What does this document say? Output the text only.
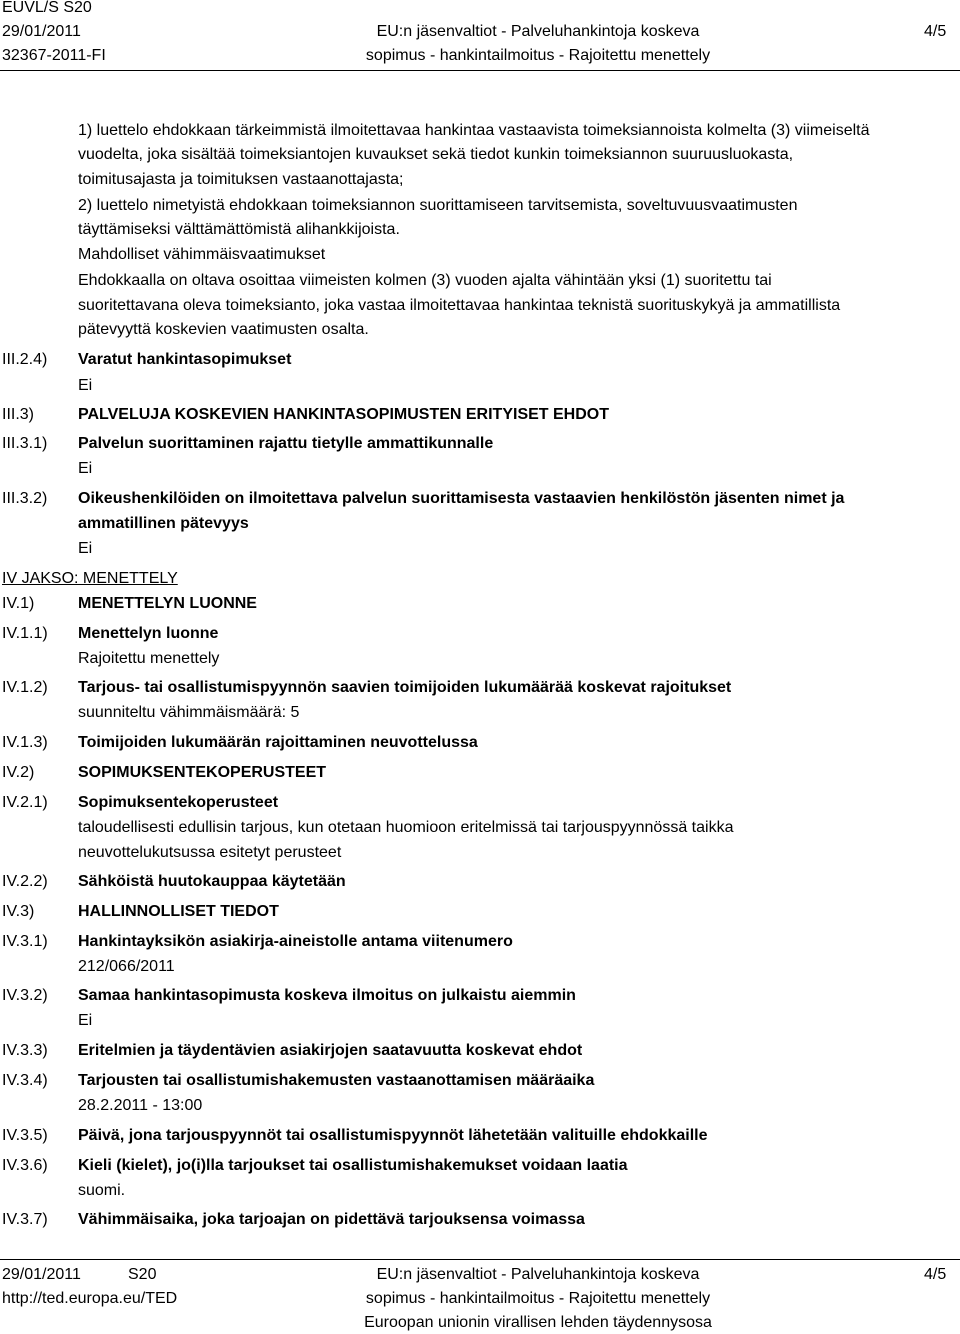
EUVL/S S20
29/01/2011
32367-2011-FI
EU:n jäsenvaltiot - Palveluhankintoja koskeva
sopimus - hankintailmoitus - Rajoitettu menettely
4/5
1) luettelo ehdokkaan tärkeimmistä ilmoitettavaa hankintaa vastaavista toimeksiannoista kolmelta (3) viimeiseltä
vuodelta, joka sisältää toimeksiantojen kuvaukset sekä tiedot kunkin toimeksiannon suuruusluokasta,
toimitusajasta ja toimituksen vastaanottajasta;
2) luettelo nimetyistä ehdokkaan toimeksiannon suorittamiseen tarvitsemista, soveltuvuusvaatimusten
täyttämiseksi välttämättömistä alihankkijoista.
Mahdolliset vähimmäisvaatimukset
Ehdokkaalla on oltava osoittaa viimeisten kolmen (3) vuoden ajalta vähintään yksi (1) suoritettu tai
suoritettavana oleva toimeksianto, joka vastaa ilmoitettavaa hankintaa teknistä suorituskykyä ja ammatillista
pätevyyttä koskevien vaatimusten osalta.
III.2.4) Varatut hankintasopimukset
Ei
III.3)	PALVELUJA KOSKEVIEN HANKINTASOPIMUSTEN ERITYISET EHDOT
III.3.1) Palvelun suorittaminen rajattu tietylle ammattikunnalle
Ei
III.3.2) Oikeushenkilöiden on ilmoitettava palvelun suorittamisesta vastaavien henkilöstön jäsenten nimet ja
ammatillinen pätevyys
Ei
IV JAKSO: MENETTELY
IV.1)	MENETTELYN LUONNE
IV.1.1) Menettelyn luonne
Rajoitettu menettely
IV.1.2) Tarjous- tai osallistumispyynnön saavien toimijoiden lukumäärää koskevat rajoitukset
suunniteltu vähimmäismäärä: 5
IV.1.3) Toimijoiden lukumäärän rajoittaminen neuvottelussa
IV.2)	SOPIMUKSENTEKOPERUSTEET
IV.2.1) Sopimuksentekoperusteet
taloudellisesti edullisin tarjous, kun otetaan huomioon eritelmissä tai tarjouspyynnössä taikka
neuvottelukutsussa esitetyt perusteet
IV.2.2) Sähköistä huutokauppaa käytetään
IV.3)	HALLINNOLLISET TIEDOT
IV.3.1) Hankintayksikön asiakirja-aineistolle antama viitenumero
212/066/2011
IV.3.2) Samaa hankintasopimusta koskeva ilmoitus on julkaistu aiemmin
Ei
IV.3.3) Eritelmien ja täydentävien asiakirjojen saatavuutta koskevat ehdot
IV.3.4) Tarjousten tai osallistumishakemusten vastaanottamisen määräaika
28.2.2011 - 13:00
IV.3.5) Päivä, jona tarjouspyynnöt tai osallistumispyynnöt lähetetään valituille ehdokkaille
IV.3.6) Kieli (kielet), jo(i)lla tarjoukset tai osallistumishakemukset voidaan laatia
suomi.
IV.3.7) Vähimmäisaika, joka tarjoajan on pidettävä tarjouksensa voimassa
29/01/2011	S20
http://ted.europa.eu/TED
EU:n jäsenvaltiot - Palveluhankintoja koskeva
sopimus - hankintailmoitus - Rajoitettu menettely
Euroopan unionin virallisen lehden täydennysosa
4/5
